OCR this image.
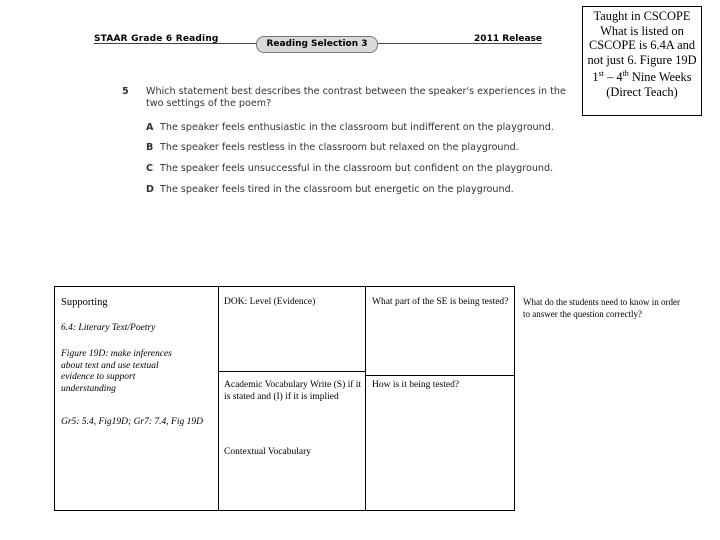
STAAR Grade 6 Reading	Reading Selection 3	2011 Release
Taught in CSCOPE
What is listed on CSCOPE is 6.4A and not just 6. Figure 19D
1st – 4th Nine Weeks
(Direct Teach)
5 Which statement best describes the contrast between the speaker's experiences in the two settings of the poem?
A The speaker feels enthusiastic in the classroom but indifferent on the playground.
B The speaker feels restless in the classroom but relaxed on the playground.
C The speaker feels unsuccessful in the classroom but confident on the playground.
D The speaker feels tired in the classroom but energetic on the playground.
Supporting
6.4: Literary Text/Poetry
Figure 19D: make inferences about text and use textual evidence to support understanding
Gr5: 5.4, Fig19D; Gr7: 7.4, Fig 19D
DOK: Level (Evidence)
Academic Vocabulary Write (S) if it is stated and (I) if it is implied
Contextual Vocabulary
What part of the SE is being tested?
How is it being tested?
What do the students need to know in order to answer the question correctly?
